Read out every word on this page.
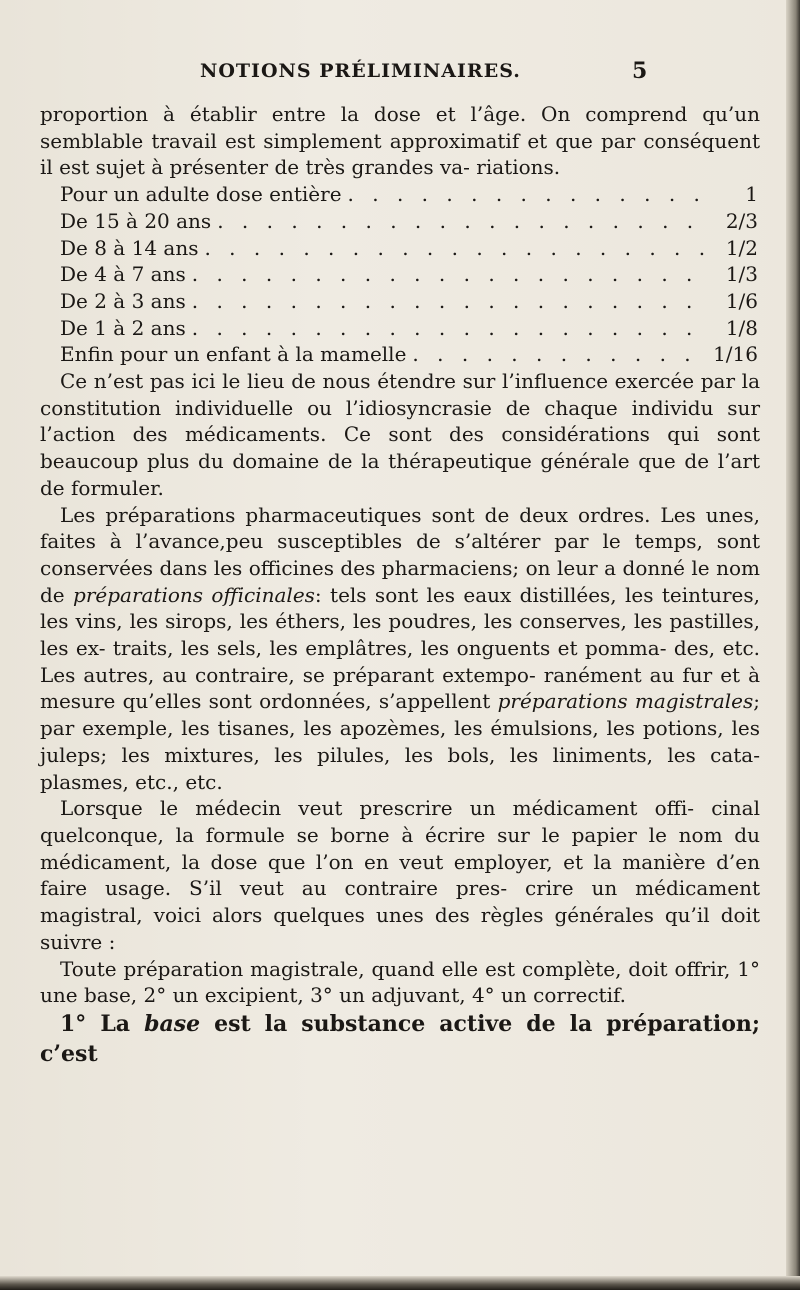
NOTIONS PRÉLIMINAIRES.	5

proportion à établir entre la dose et l’âge. On comprend qu’un semblable travail est simplement approximatif et que par conséquent il est sujet à présenter de très grandes va- riations.

Pour un adulte dose entière . . .	1
De 15 à 20 ans . . .	2/3
De 8 à 14 ans . . .	1/2
De 4 à 7 ans . . .	1/3
De 2 à 3 ans . . .	1/6
De 1 à 2 ans . . .	1/8
Enfin pour un enfant à la mamelle . . .	1/16

Ce n’est pas ici le lieu de nous étendre sur l’influence exercée par la constitution individuelle ou l’idiosyncrasie de chaque individu sur l’action des médicaments. Ce sont des considérations qui sont beaucoup plus du domaine de la thérapeutique générale que de l’art de formuler.

Les préparations pharmaceutiques sont de deux ordres. Les unes, faites à l’avance,peu susceptibles de s’altérer par le temps, sont conservées dans les officines des pharmaciens; on leur a donné le nom de préparations officinales: tels sont les eaux distillées, les teintures, les vins, les sirops, les éthers, les poudres, les conserves, les pastilles, les ex- traits, les sels, les emplâtres, les onguents et pomma- des, etc. Les autres, au contraire, se préparant extempo- ranément au fur et à mesure qu’elles sont ordonnées, s’appellent préparations magistrales; par exemple, les tisanes, les apozèmes, les émulsions, les potions, les juleps; les mixtures, les pilules, les bols, les liniments, les cata- plasmes, etc., etc.

Lorsque le médecin veut prescrire un médicament offi- cinal quelconque, la formule se borne à écrire sur le papier le nom du médicament, la dose que l’on en veut employer, et la manière d’en faire usage. S’il veut au contraire pres- crire un médicament magistral, voici alors quelques unes des règles générales qu’il doit suivre :

Toute préparation magistrale, quand elle est complète, doit offrir, 1° une base, 2° un excipient, 3° un adjuvant, 4° un correctif.

1° La base est la substance active de la préparation; c’est
